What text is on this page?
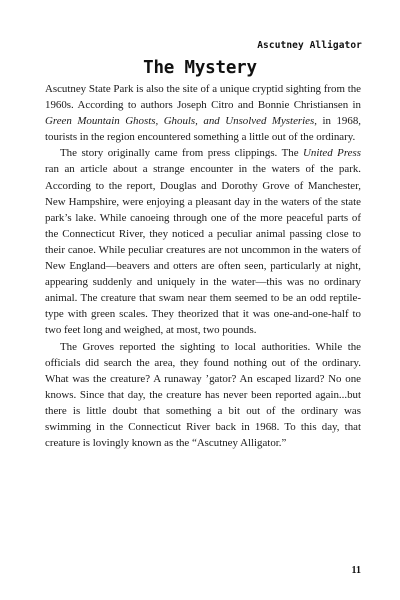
Ascutney Alligator
The Mystery

Ascutney State Park is also the site of a unique cryptid sighting from the 1960s. According to authors Joseph Citro and Bonnie Christiansen in Green Mountain Ghosts, Ghouls, and Unsolved Mysteries, in 1968, tourists in the region encountered something a little out of the ordinary.

The story originally came from press clippings. The United Press ran an article about a strange encounter in the waters of the park. According to the report, Douglas and Dorothy Grove of Manchester, New Hampshire, were enjoying a pleasant day in the waters of the state park’s lake. While canoeing through one of the more peaceful parts of the Connecticut River, they noticed a peculiar animal passing close to their canoe. While peculiar creatures are not uncommon in the waters of New England—beavers and otters are often seen, particularly at night, appearing suddenly and uniquely in the water—this was no ordinary animal. The creature that swam near them seemed to be an odd reptile-type with green scales. They theorized that it was one-and-one-half to two feet long and weighed, at most, two pounds.

The Groves reported the sighting to local authorities. While the officials did search the area, they found nothing out of the ordinary. What was the creature? A runaway ’gator? An escaped lizard? No one knows. Since that day, the creature has never been reported again...but there is little doubt that something a bit out of the ordinary was swimming in the Connecticut River back in 1968. To this day, that creature is lovingly known as the “Ascutney Alligator.”

11
